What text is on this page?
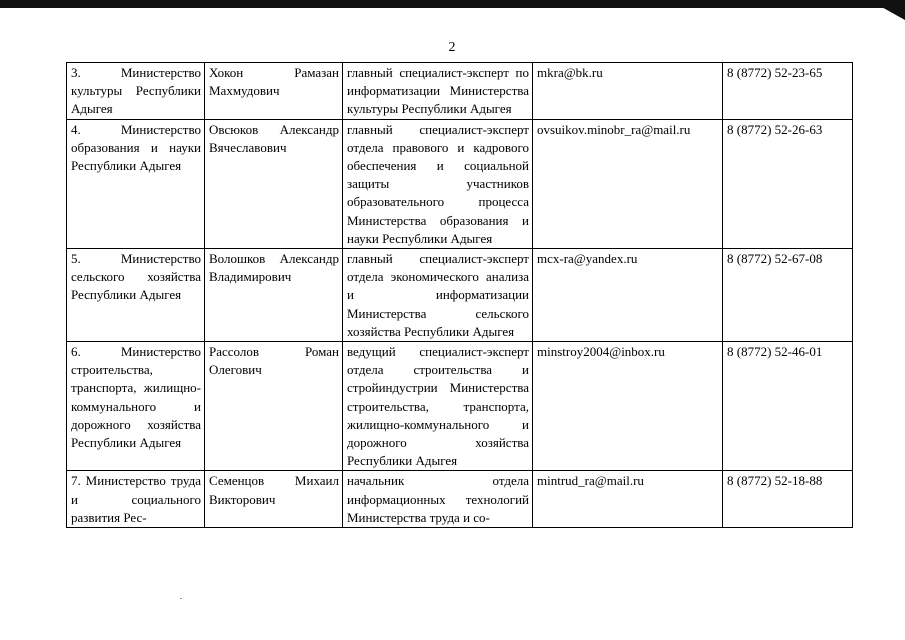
2
3. Министерство культуры Республики Адыгея	Хокон Рамазан Махмудович	главный специалист-эксперт по информатизации Министерства культуры Республики Адыгея	mkra@bk.ru	8 (8772) 52-23-65
4. Министерство образования и науки Республики Адыгея	Овсюков Александр Вячеславович	главный специалист-эксперт отдела правового и кадрового обеспечения и социальной защиты участников образовательного процесса Министерства образования и науки Республики Адыгея	ovsuikov.minobr_ra@mail.ru	8 (8772) 52-26-63
5. Министерство сельского хозяйства Республики Адыгея	Волошков Александр Владимирович	главный специалист-эксперт отдела экономического анализа и информатизации Министерства сельского хозяйства Республики Адыгея	mcx-ra@yandex.ru	8 (8772) 52-67-08
6. Министерство строительства, транспорта, жилищно-коммунального и дорожного хозяйства Республики Адыгея	Рассолов Роман Олегович	ведущий специалист-эксперт отдела строительства и стройиндустрии Министерства строительства, транспорта, жилищно-коммунального и дорожного хозяйства Республики Адыгея	minstroy2004@inbox.ru	8 (8772) 52-46-01
7. Министерство труда и социального развития Рес-	Семенцов Михаил Викторович	начальник отдела информационных технологий Министерства труда и со-	mintrud_ra@mail.ru	8 (8772) 52-18-88
